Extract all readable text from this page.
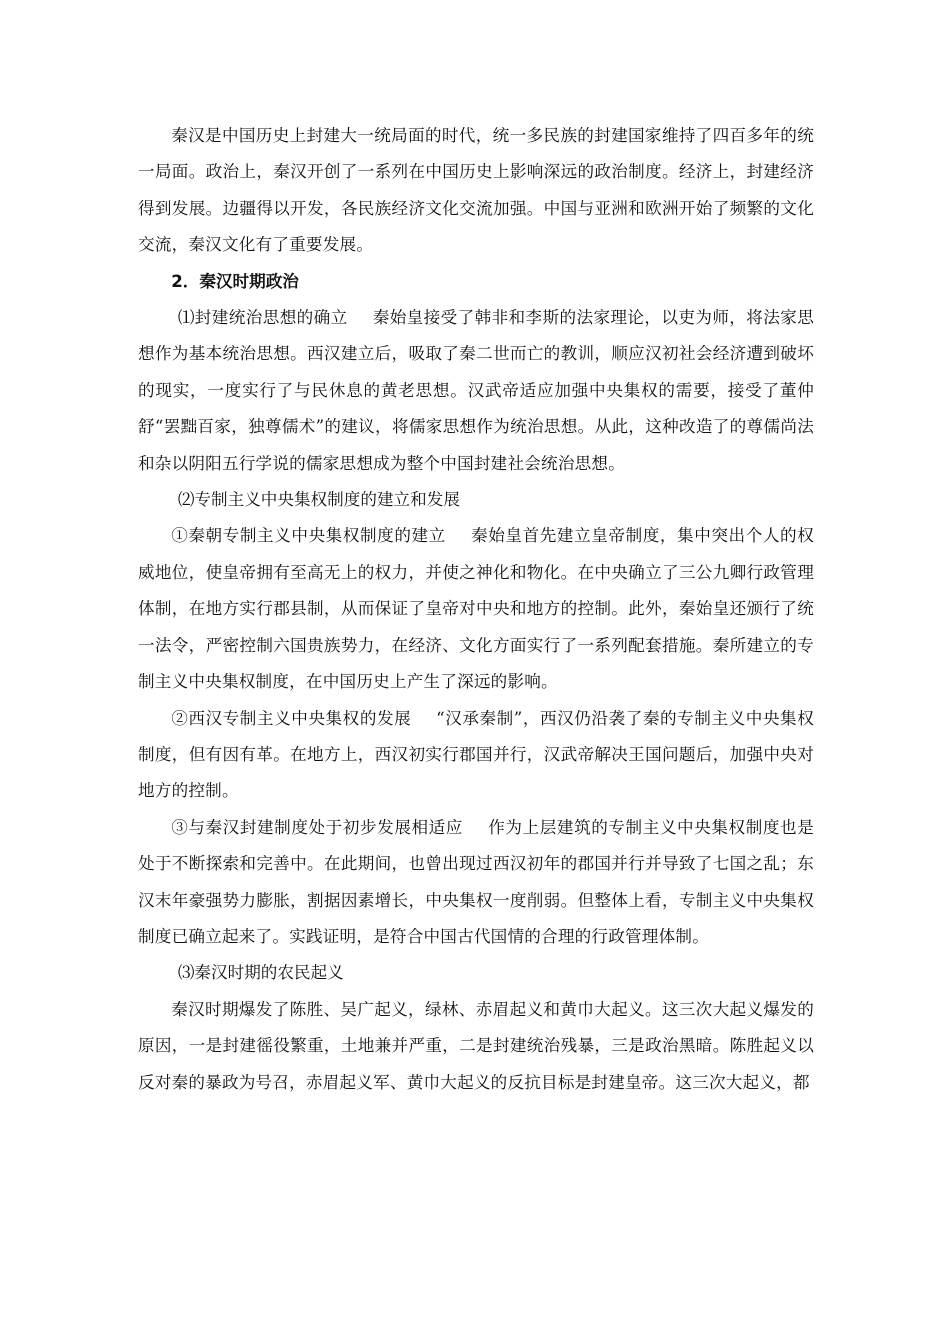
秦汉是中国历史上封建大一统局面的时代，统一多民族的封建国家维持了四百多年的统一局面。政治上，秦汉开创了一系列在中国历史上影响深远的政治制度。经济上，封建经济得到发展。边疆得以开发，各民族经济文化交流加强。中国与亚洲和欧洲开始了频繁的文化交流，秦汉文化有了重要发展。

2．秦汉时期政治

⑴封建统治思想的确立 秦始皇接受了韩非和李斯的法家理论，以吏为师，将法家思想作为基本统治思想。西汉建立后，吸取了秦二世而亡的教训，顺应汉初社会经济遭到破坏的现实，一度实行了与民休息的黄老思想。汉武帝适应加强中央集权的需要，接受了董仲舒“罢黜百家，独尊儒术”的建议，将儒家思想作为统治思想。从此，这种改造了的尊儒尚法和杂以阴阳五行学说的儒家思想成为整个中国封建社会统治思想。

⑵专制主义中央集权制度的建立和发展

①秦朝专制主义中央集权制度的建立 秦始皇首先建立皇帝制度，集中突出个人的权威地位，使皇帝拥有至高无上的权力，并使之神化和物化。在中央确立了三公九卿行政管理体制，在地方实行郡县制，从而保证了皇帝对中央和地方的控制。此外，秦始皇还颁行了统一法令，严密控制六国贵族势力，在经济、文化方面实行了一系列配套措施。秦所建立的专制主义中央集权制度，在中国历史上产生了深远的影响。

②西汉专制主义中央集权的发展 “汉承秦制”，西汉仍沿袭了秦的专制主义中央集权制度，但有因有革。在地方上，西汉初实行郡国并行，汉武帝解决王国问题后，加强中央对地方的控制。

③与秦汉封建制度处于初步发展相适应 作为上层建筑的专制主义中央集权制度也是处于不断探索和完善中。在此期间，也曾出现过西汉初年的郡国并行并导致了七国之乱；东汉末年豪强势力膨胀，割据因素增长，中央集权一度削弱。但整体上看，专制主义中央集权制度已确立起来了。实践证明，是符合中国古代国情的合理的行政管理体制。

⑶秦汉时期的农民起义

秦汉时期爆发了陈胜、吴广起义，绿林、赤眉起义和黄巾大起义。这三次大起义爆发的原因，一是封建徭役繁重，土地兼并严重，二是封建统治残暴，三是政治黑暗。陈胜起义以反对秦的暴政为号召，赤眉起义军、黄巾大起义的反抗目标是封建皇帝。这三次大起义，都
